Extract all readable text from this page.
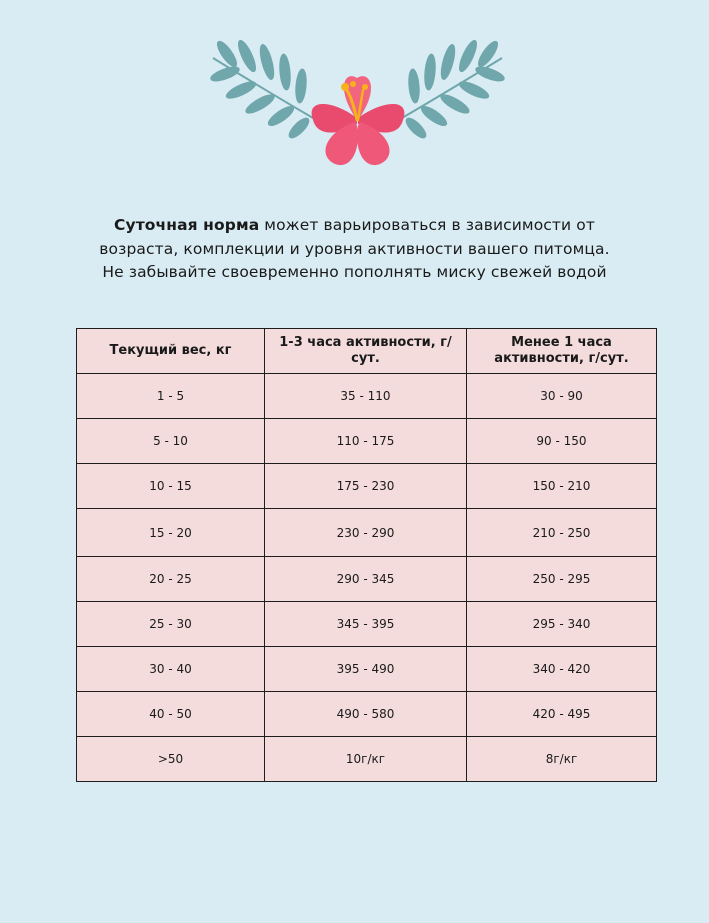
Суточная норма может варьироваться в зависимости от
возраста, комплекции и уровня активности вашего питомца.
Не забывайте своевременно пополнять миску свежей водой
Текущий вес, кг	1-3 часа активности, г/сут.	Менее 1 часа активности, г/сут.
1 - 5	35 - 110	30 - 90
5 - 10	110 - 175	90 - 150
10 - 15	175 - 230	150 - 210
15 - 20	230 - 290	210 - 250
20 - 25	290 - 345	250 - 295
25 - 30	345 - 395	295 - 340
30 - 40	395 - 490	340 - 420
40 - 50	490 - 580	420 - 495
>50	10г/кг	8г/кг
